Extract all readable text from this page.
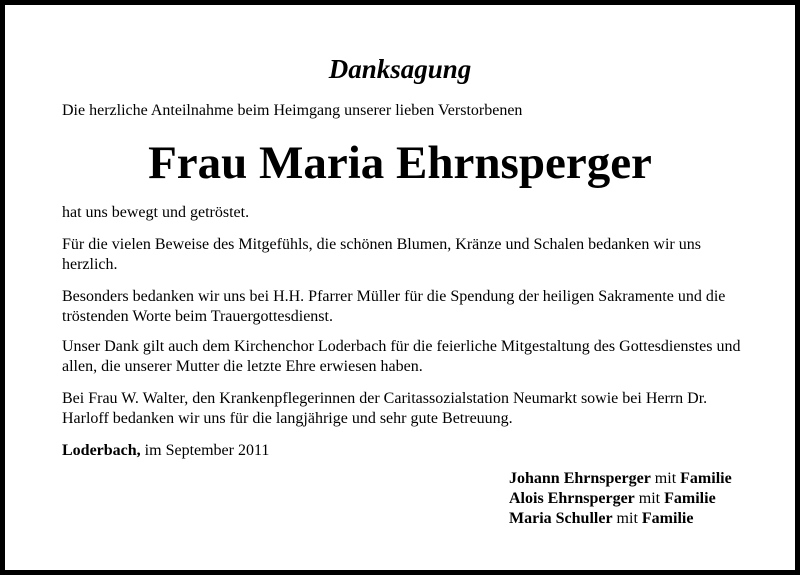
Danksagung
Die herzliche Anteilnahme beim Heimgang unserer lieben Verstorbenen
Frau Maria Ehrnsperger

hat uns bewegt und getröstet.

Für die vielen Beweise des Mitgefühls, die schönen Blumen, Kränze und Schalen bedanken wir uns herzlich.

Besonders bedanken wir uns bei H.H. Pfarrer Müller für die Spendung der heiligen Sakramente und die tröstenden Worte beim Trauergottesdienst.

Unser Dank gilt auch dem Kirchenchor Loderbach für die feierliche Mitgestaltung des Gottesdienstes und allen, die unserer Mutter die letzte Ehre erwiesen haben.

Bei Frau W. Walter, den Krankenpflegerinnen der Caritassozialstation Neumarkt sowie bei Herrn Dr. Harloff bedanken wir uns für die langjährige und sehr gute Betreuung.

Loderbach, im September 2011
Johann Ehrnsperger mit Familie
Alois Ehrnsperger mit Familie
Maria Schuller mit Familie
